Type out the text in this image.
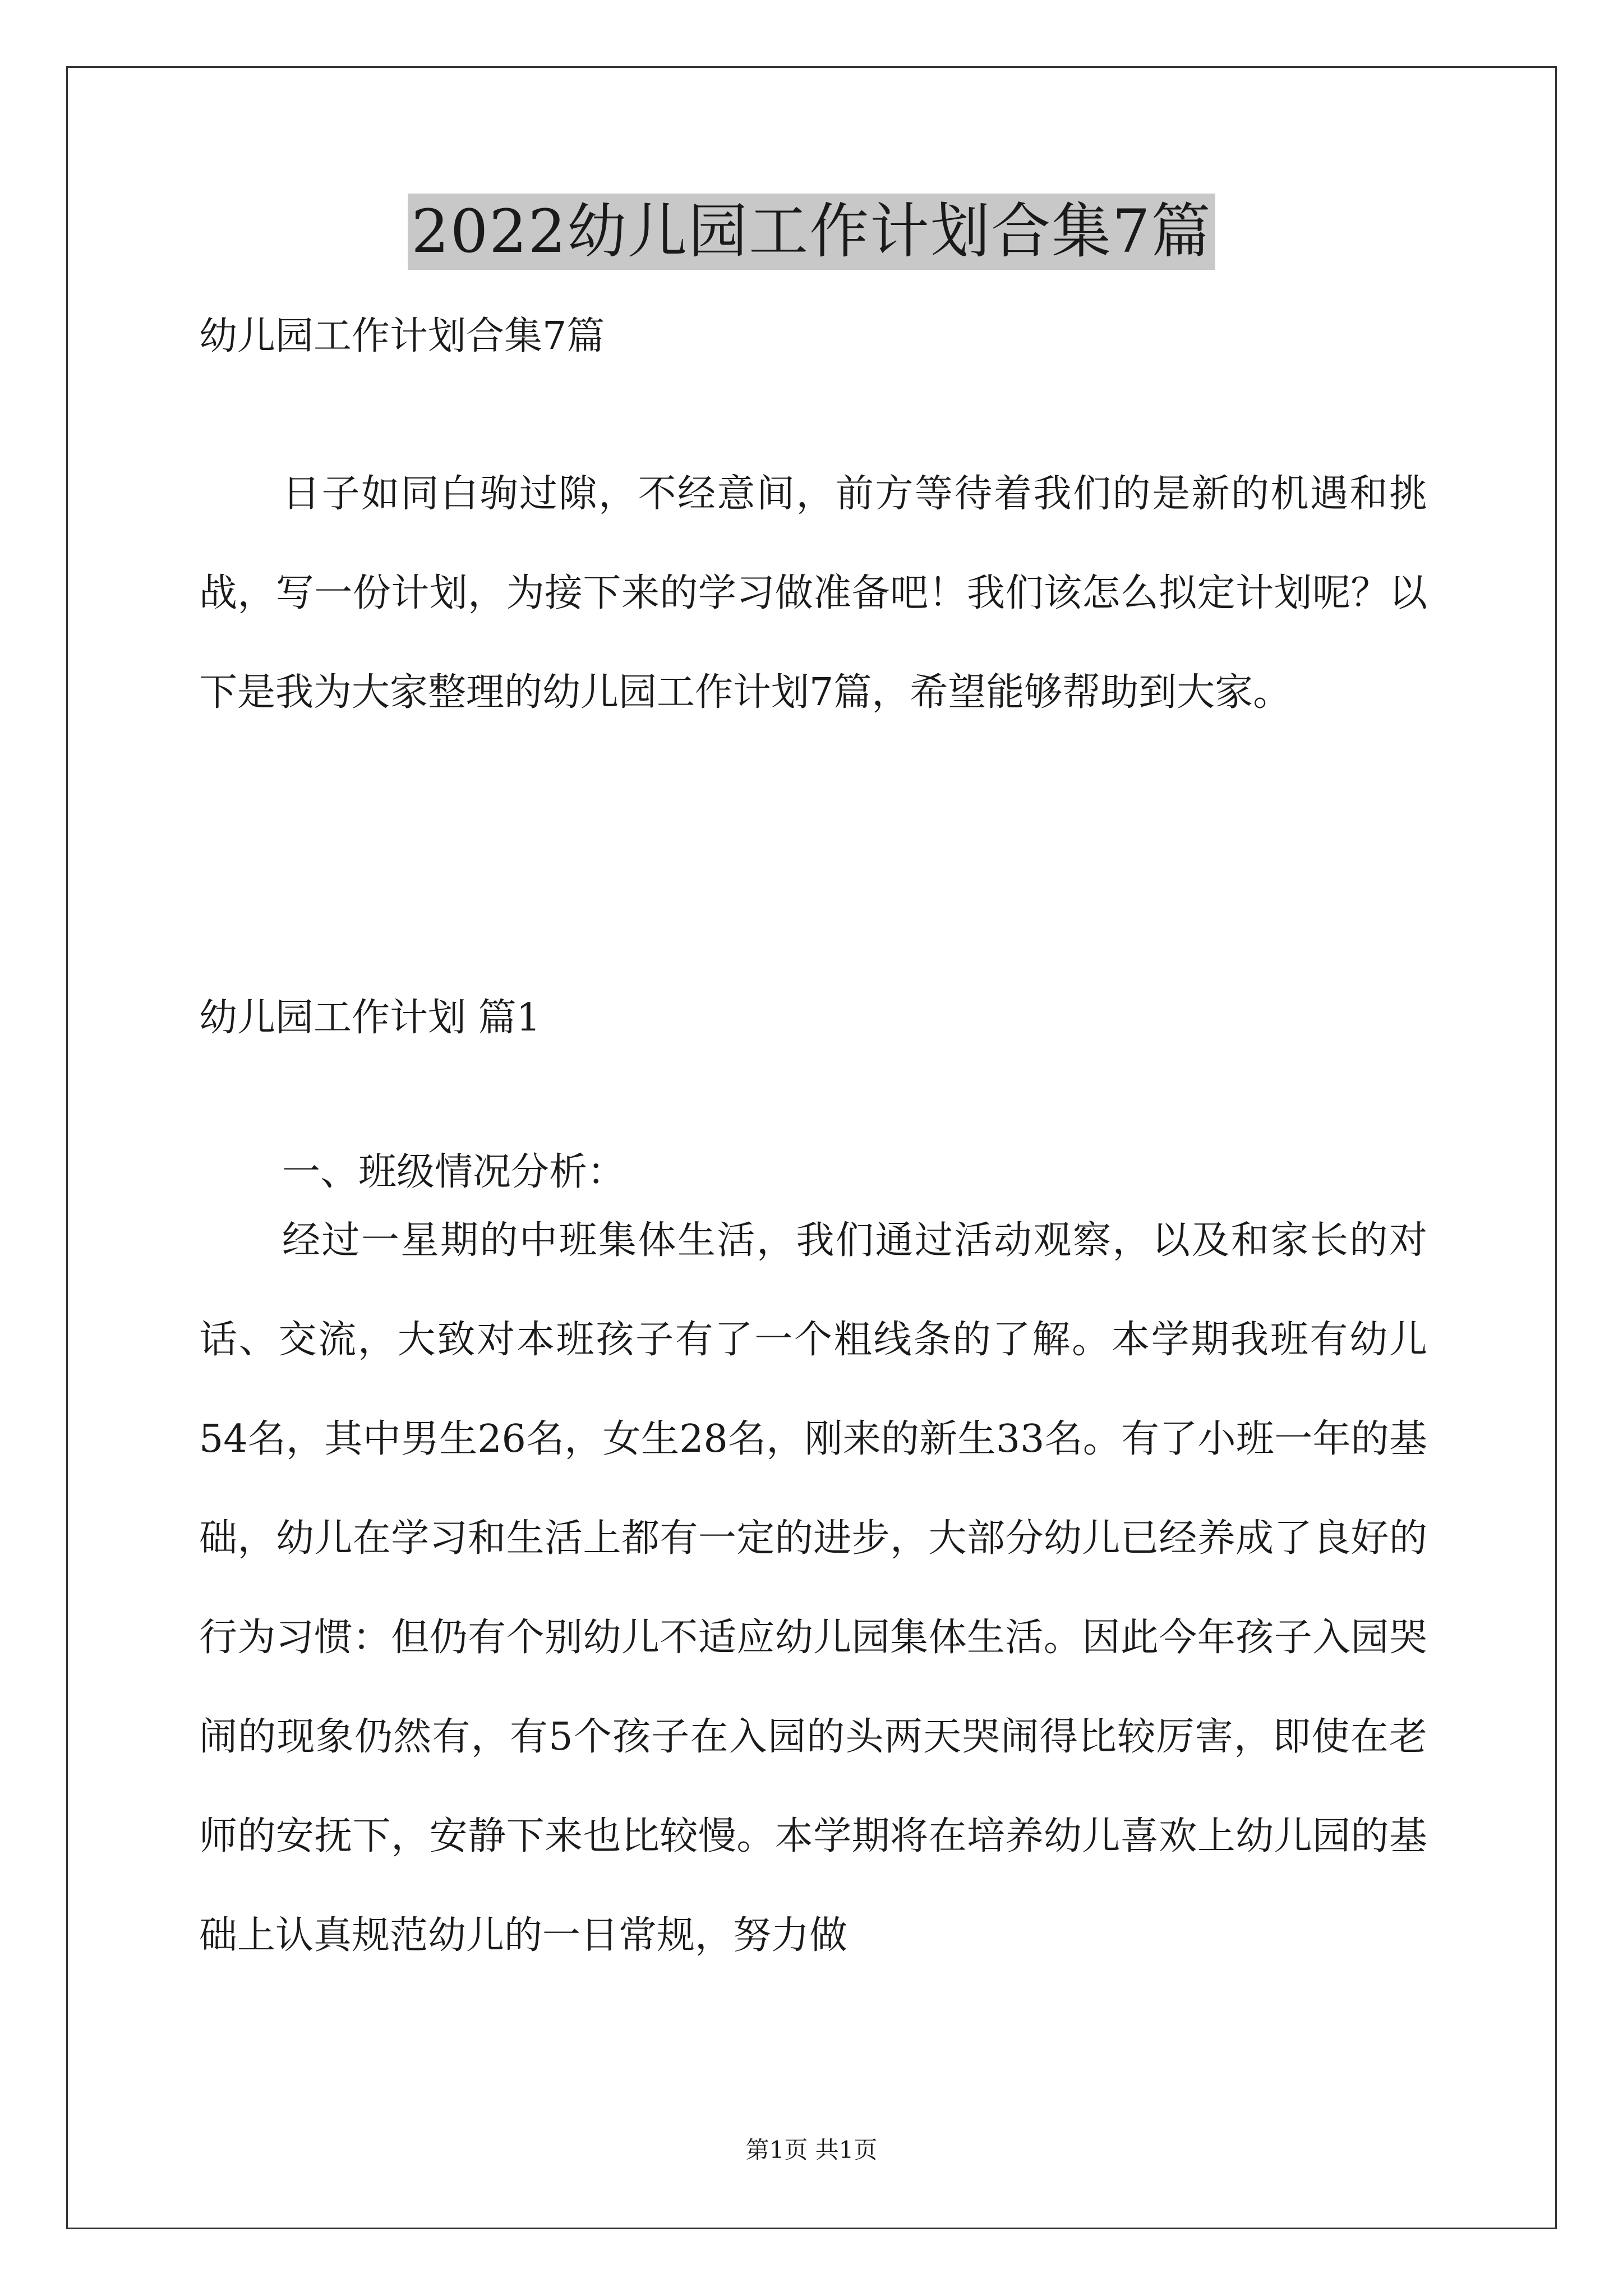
2022幼儿园工作计划合集7篇
幼儿园工作计划合集7篇

日子如同白驹过隙，不经意间，前方等待着我们的是新的机遇和挑战，写一份计划，为接下来的学习做准备吧！我们该怎么拟定计划呢？以下是我为大家整理的幼儿园工作计划7篇，希望能够帮助到大家。

幼儿园工作计划 篇1
一、班级情况分析：

经过一星期的中班集体生活，我们通过活动观察，以及和家长的对话、交流，大致对本班孩子有了一个粗线条的了解。本学期我班有幼儿54名，其中男生26名，女生28名，刚来的新生33名。有了小班一年的基础，幼儿在学习和生活上都有一定的进步，大部分幼儿已经养成了良好的行为习惯：但仍有个别幼儿不适应幼儿园集体生活。因此今年孩子入园哭闹的现象仍然有，有5个孩子在入园的头两天哭闹得比较厉害，即使在老师的安抚下，安静下来也比较慢。本学期将在培养幼儿喜欢上幼儿园的基础上认真规范幼儿的一日常规，努力做

第1页 共1页
